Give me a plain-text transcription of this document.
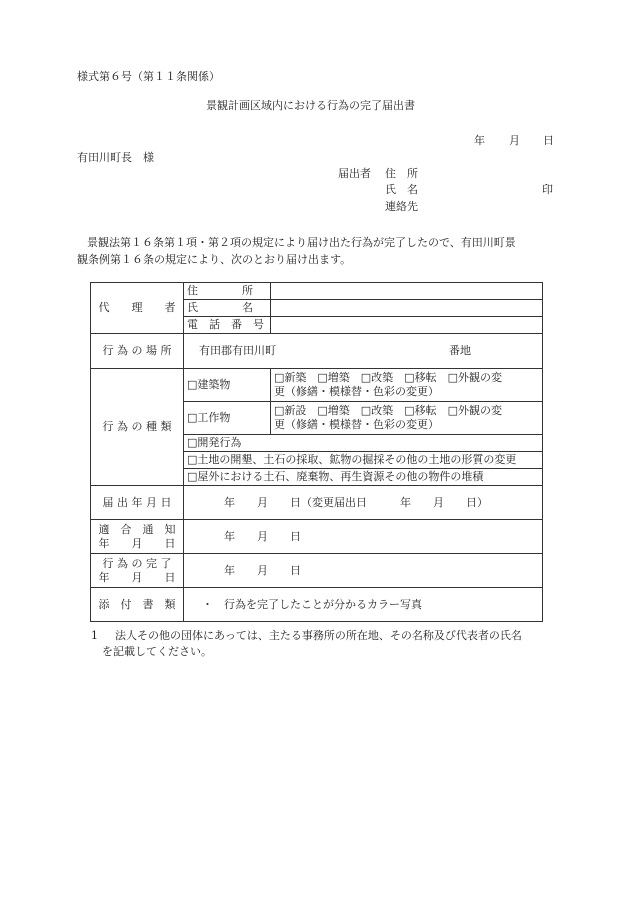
様式第６号（第１１条関係）
景観計画区域内における行為の完了届出書
年 月 日
有田川町長　様
届出者 住　所
氏　名	印
連絡先
景観法第１６条第１項・第２項の規定により届け出た行為が完了したので、有田川町景
観条例第１６条の規定により、次のとおり届け出ます。
代　　理　　者	住　　　　所	
	氏　　　　名	
	電　話　番　号	
行 為 の 場 所	有田郡有田川町 番地	
行 為 の 種 類	□建築物	□新築　□増築　□改築　□移転　□外観の変
更（修繕・模様替・色彩の変更）

	□工作物	□新設　□増築　□改築　□移転　□外観の変
更（修繕・模様替・色彩の変更）

	□開発行為	
	□土地の開墾、土石の採取、鉱物の掘採その他の土地の形質の変更	
	□屋外における土石、廃棄物、再生資源その他の物件の堆積	
届 出 年 月 日	年　　月　　日（変更届出日　　　年　　月　　日）	

適　合　通　知
年　　月　　日	年　　月　　日	

行 為 の 完 了
年　　月　　日	年　　月　　日	
添　付　書　類	・　行為を完了したことが分かるカラー写真	
1 法人その他の団体にあっては、主たる事務所の所在地、その名称及び代表者の氏名
を記載してください。
